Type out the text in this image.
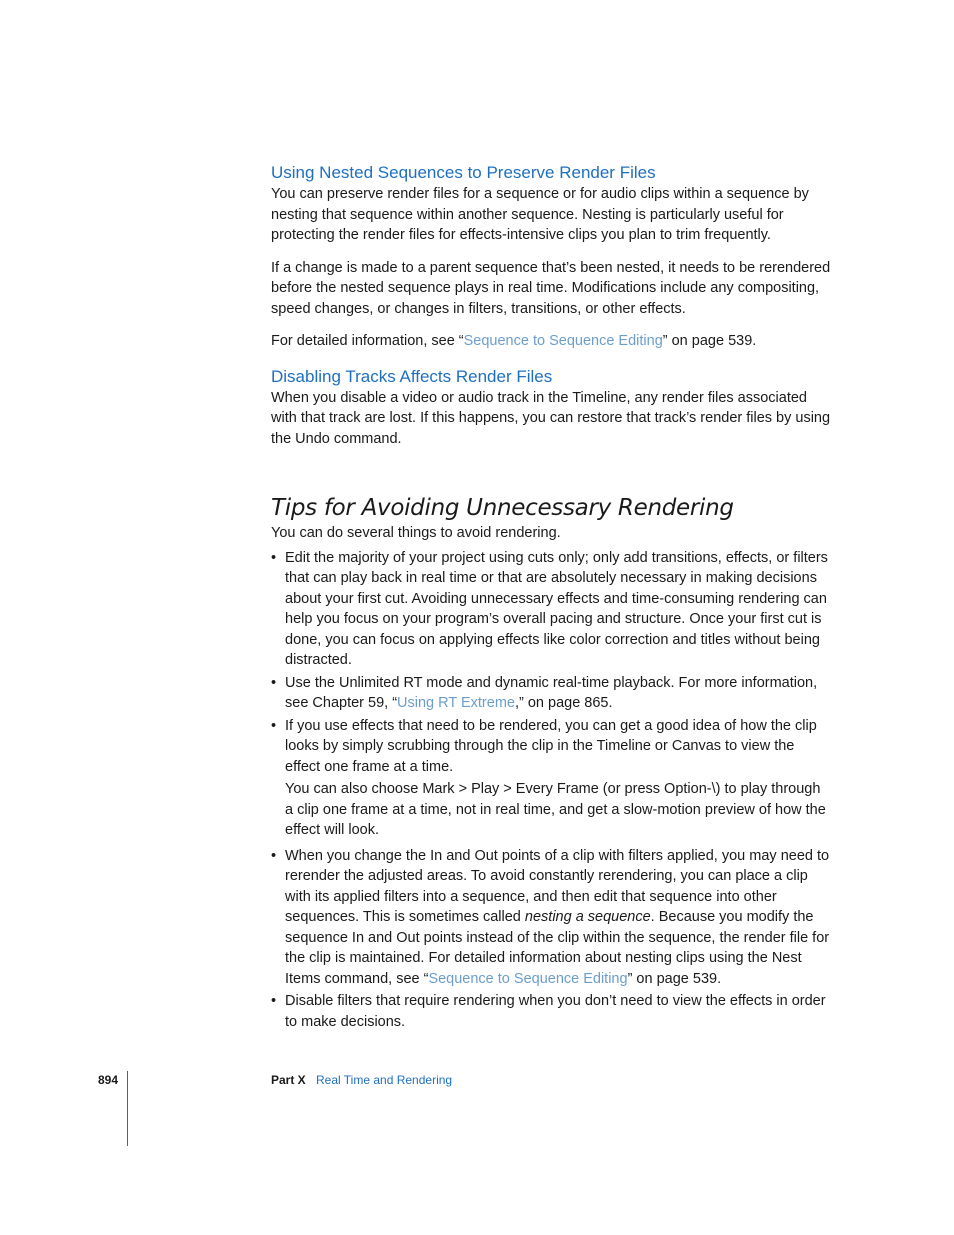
Using Nested Sequences to Preserve Render Files

You can preserve render files for a sequence or for audio clips within a sequence by nesting that sequence within another sequence. Nesting is particularly useful for protecting the render files for effects-intensive clips you plan to trim frequently.

If a change is made to a parent sequence that’s been nested, it needs to be rerendered before the nested sequence plays in real time. Modifications include any compositing, speed changes, or changes in filters, transitions, or other effects.

For detailed information, see “Sequence to Sequence Editing” on page 539.

Disabling Tracks Affects Render Files

When you disable a video or audio track in the Timeline, any render files associated with that track are lost. If this happens, you can restore that track’s render files by using the Undo command.

Tips for Avoiding Unnecessary Rendering

You can do several things to avoid rendering.

• Edit the majority of your project using cuts only; only add transitions, effects, or filters that can play back in real time or that are absolutely necessary in making decisions about your first cut. Avoiding unnecessary effects and time-consuming rendering can help you focus on your program’s overall pacing and structure. Once your first cut is done, you can focus on applying effects like color correction and titles without being distracted.

• Use the Unlimited RT mode and dynamic real-time playback. For more information, see Chapter 59, “Using RT Extreme,” on page 865.

• If you use effects that need to be rendered, you can get a good idea of how the clip looks by simply scrubbing through the clip in the Timeline or Canvas to view the effect one frame at a time.

You can also choose Mark > Play > Every Frame (or press Option-\) to play through a clip one frame at a time, not in real time, and get a slow-motion preview of how the effect will look.

• When you change the In and Out points of a clip with filters applied, you may need to rerender the adjusted areas. To avoid constantly rerendering, you can place a clip with its applied filters into a sequence, and then edit that sequence into other sequences. This is sometimes called nesting a sequence. Because you modify the sequence In and Out points instead of the clip within the sequence, the render file for the clip is maintained. For detailed information about nesting clips using the Nest Items command, see “Sequence to Sequence Editing” on page 539.

• Disable filters that require rendering when you don’t need to view the effects in order to make decisions.

894	Part X Real Time and Rendering
